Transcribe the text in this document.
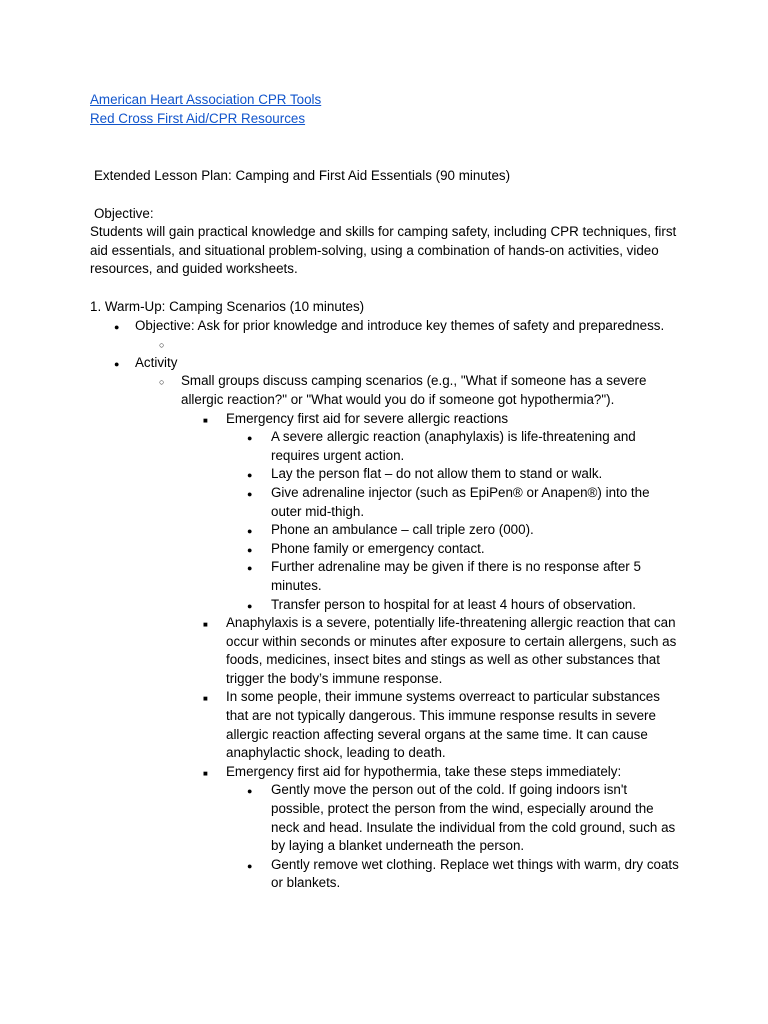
American Heart Association CPR Tools
Red Cross First Aid/CPR Resources
Extended Lesson Plan: Camping and First Aid Essentials (90 minutes)
Objective:
Students will gain practical knowledge and skills for camping safety, including CPR techniques, first aid essentials, and situational problem-solving, using a combination of hands-on activities, video resources, and guided worksheets.
1. Warm-Up: Camping Scenarios (10 minutes)
●
Objective: Ask for prior knowledge and introduce key themes of safety and preparedness.
○
●
Activity
○
Small groups discuss camping scenarios (e.g., "What if someone has a severe allergic reaction?" or "What would you do if someone got hypothermia?").
■
Emergency first aid for severe allergic reactions
●
A severe allergic reaction (anaphylaxis) is life-threatening and requires urgent action.
●
Lay the person flat – do not allow them to stand or walk.
●
Give adrenaline injector (such as EpiPen® or Anapen®) into the outer mid-thigh.
●
Phone an ambulance – call triple zero (000).
●
Phone family or emergency contact.
●
Further adrenaline may be given if there is no response after 5 minutes.
●
Transfer person to hospital for at least 4 hours of observation.
■
Anaphylaxis is a severe, potentially life-threatening allergic reaction that can occur within seconds or minutes after exposure to certain allergens, such as foods, medicines, insect bites and stings as well as other substances that trigger the body’s immune response.
■
In some people, their immune systems overreact to particular substances that are not typically dangerous. This immune response results in severe allergic reaction affecting several organs at the same time. It can cause anaphylactic shock, leading to death.
■
Emergency first aid for hypothermia, take these steps immediately:
●
Gently move the person out of the cold. If going indoors isn't possible, protect the person from the wind, especially around the neck and head. Insulate the individual from the cold ground, such as by laying a blanket underneath the person.
●
Gently remove wet clothing. Replace wet things with warm, dry coats or blankets.
